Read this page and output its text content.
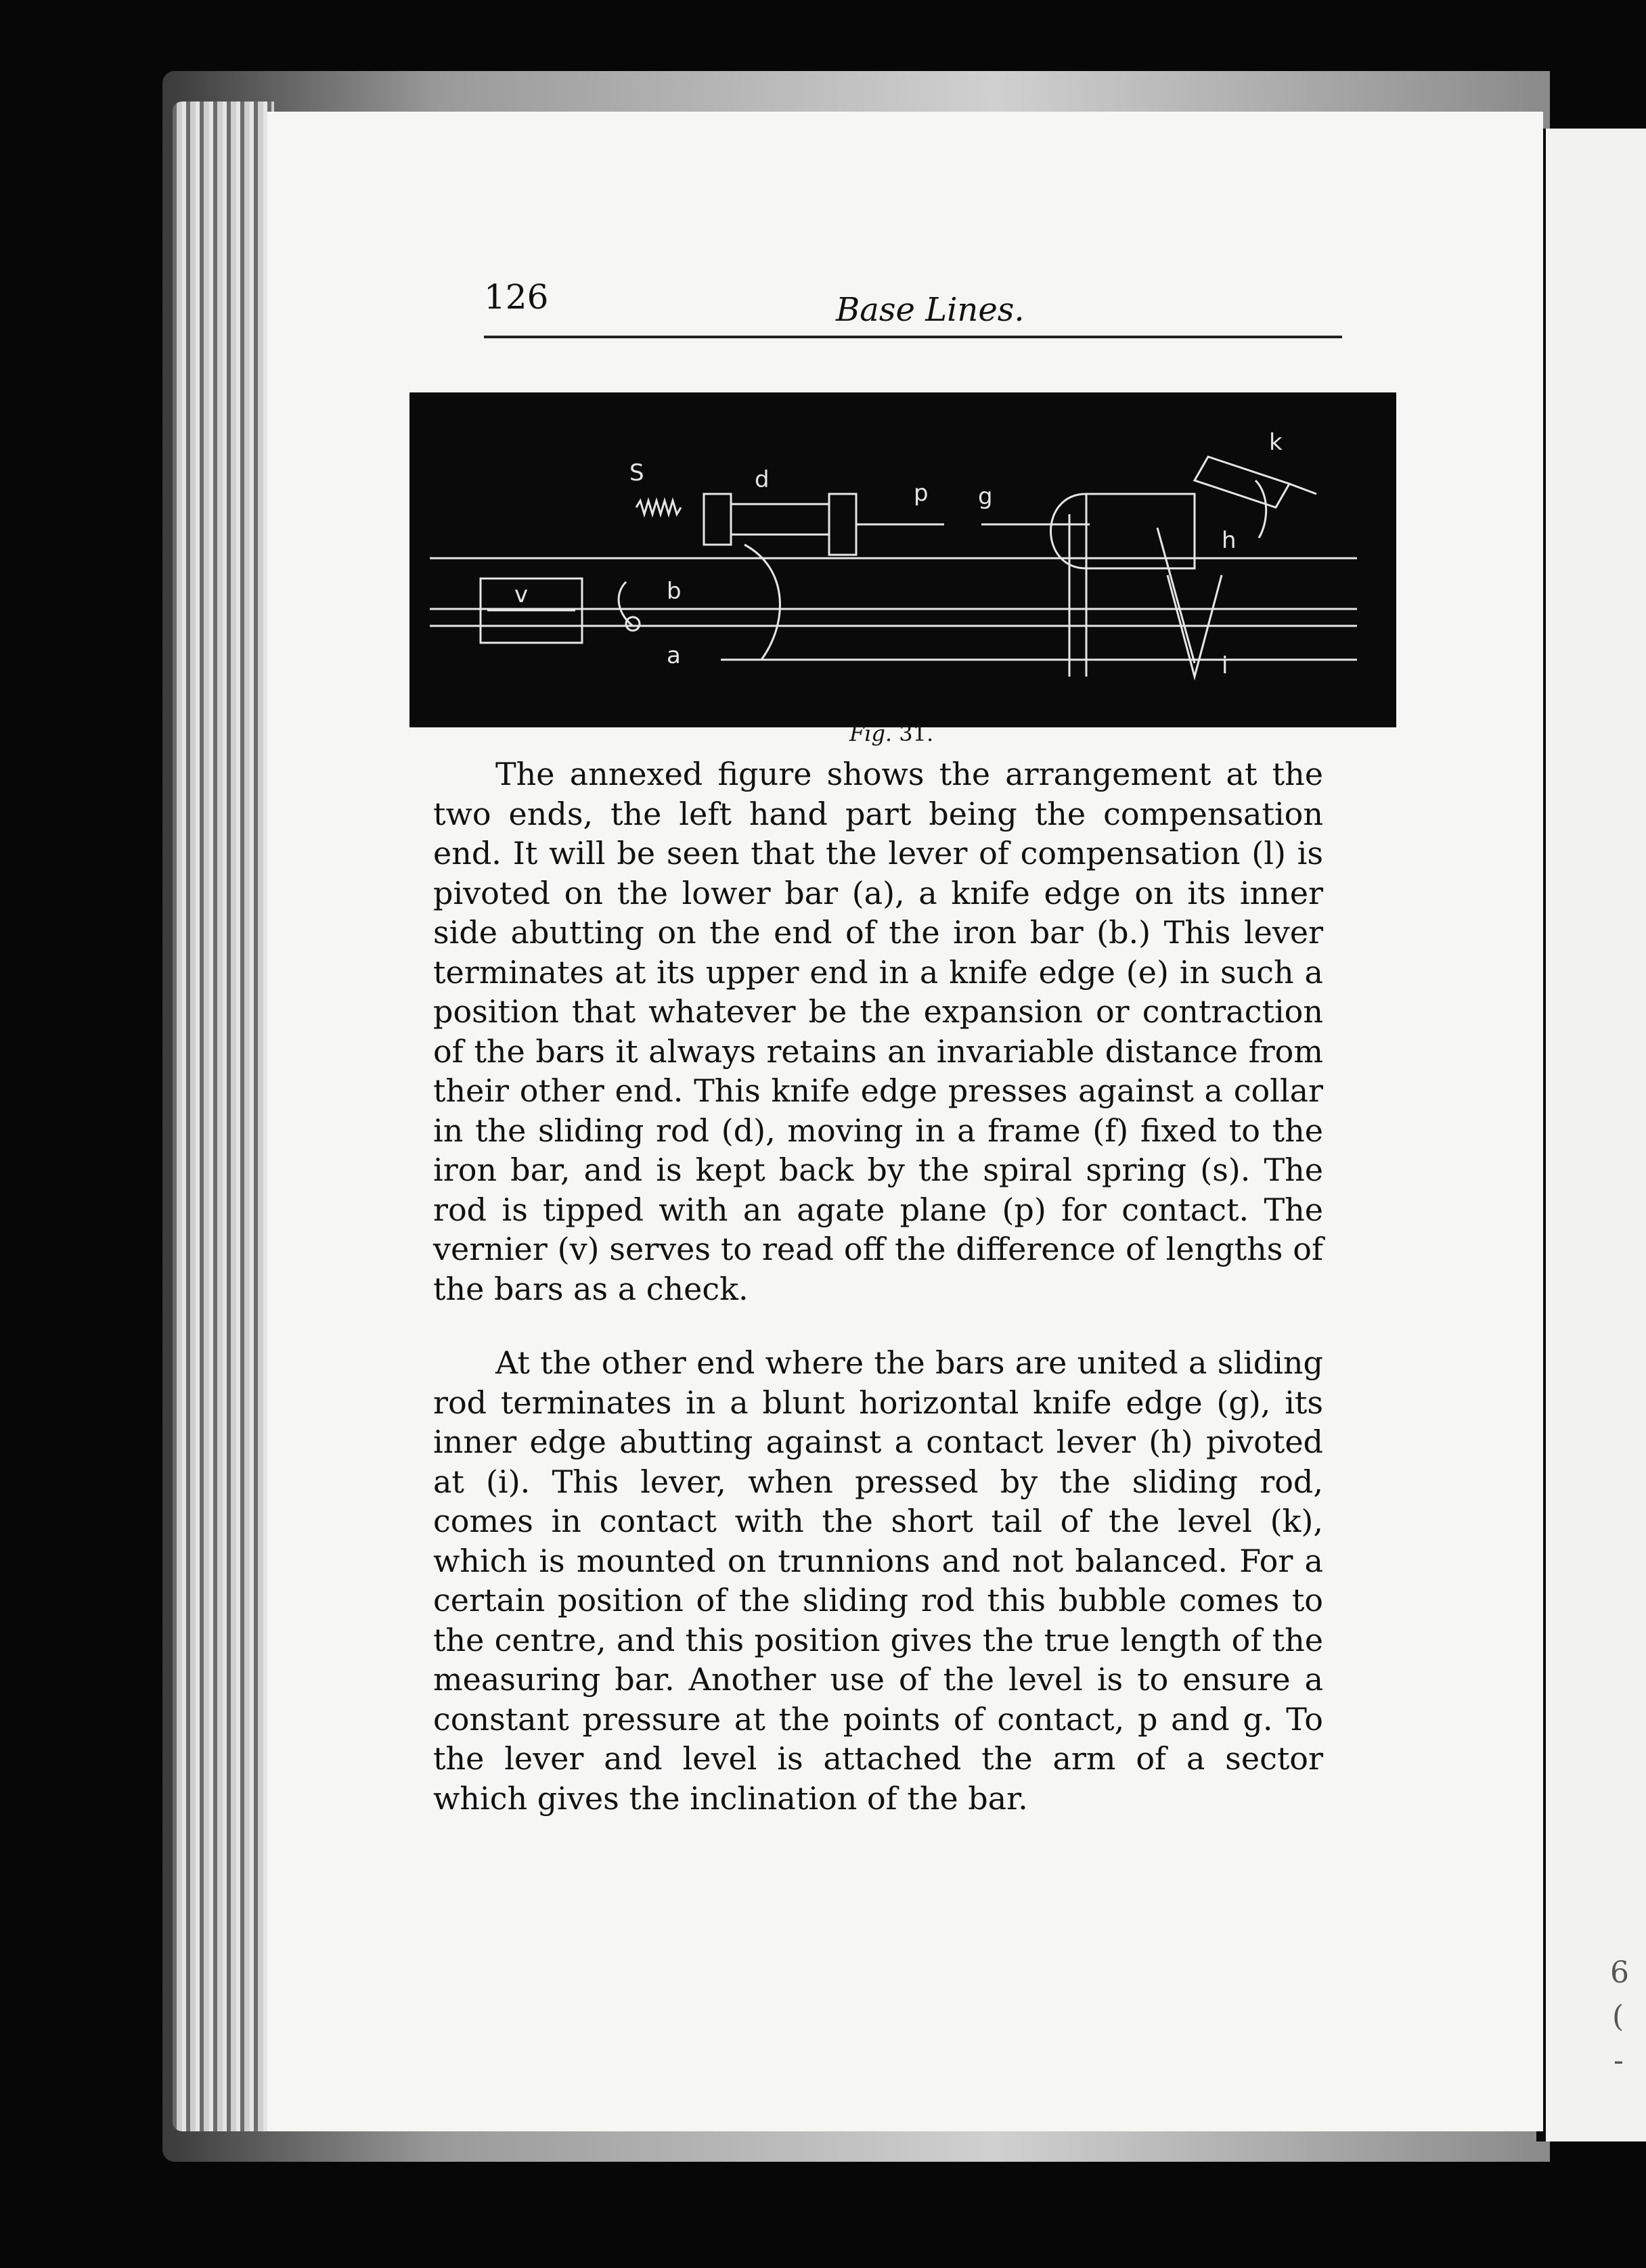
6
(
-
126	Base Lines.
S	d	p g
k
h
v	b
a	i
Fig. 31.

The annexed figure shows the arrangement at the two ends, the left hand part being the compensation end. It will be seen that the lever of compensation (l) is pivoted on the lower bar (a), a knife edge on its inner side abutting on the end of the iron bar (b.) This lever terminates at its upper end in a knife edge (e) in such a position that whatever be the expansion or contraction of the bars it always retains an invariable distance from their other end. This knife edge presses against a collar in the sliding rod (d), moving in a frame (f) fixed to the iron bar, and is kept back by the spiral spring (s). The rod is tipped with an agate plane (p) for contact. The vernier (v) serves to read off the difference of lengths of the bars as a check.

At the other end where the bars are united a sliding rod terminates in a blunt horizontal knife edge (g), its inner edge abutting against a contact lever (h) pivoted at (i). This lever, when pressed by the sliding rod, comes in contact with the short tail of the level (k), which is mounted on trunnions and not balanced. For a certain position of the sliding rod this bubble comes to the centre, and this position gives the true length of the measuring bar. Another use of the level is to ensure a constant pressure at the points of contact, p and g. To the lever and level is attached the arm of a sector which gives the inclination of the bar.
